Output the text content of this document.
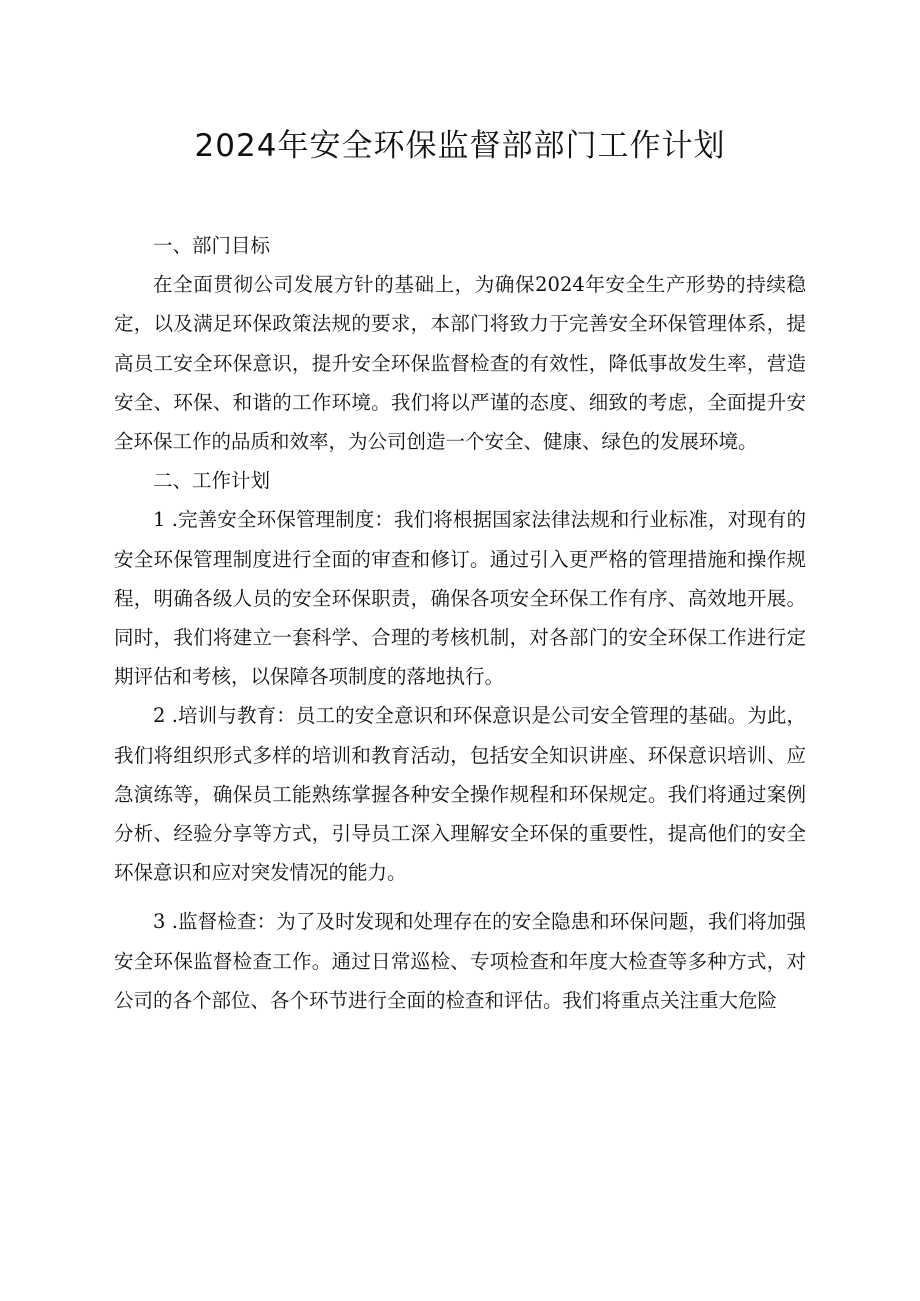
2024年安全环保监督部部门工作计划

一、部门目标

在全面贯彻公司发展方针的基础上，为确保2024年安全生产形势的持续稳定，以及满足环保政策法规的要求，本部门将致力于完善安全环保管理体系，提高员工安全环保意识，提升安全环保监督检查的有效性，降低事故发生率，营造安全、环保、和谐的工作环境。我们将以严谨的态度、细致的考虑，全面提升安全环保工作的品质和效率，为公司创造一个安全、健康、绿色的发展环境。

二、工作计划

1 .完善安全环保管理制度：我们将根据国家法律法规和行业标准，对现有的安全环保管理制度进行全面的审查和修订。通过引入更严格的管理措施和操作规程，明确各级人员的安全环保职责，确保各项安全环保工作有序、高效地开展。同时，我们将建立一套科学、合理的考核机制，对各部门的安全环保工作进行定期评估和考核，以保障各项制度的落地执行。

2 .培训与教育：员工的安全意识和环保意识是公司安全管理的基础。为此，我们将组织形式多样的培训和教育活动，包括安全知识讲座、环保意识培训、应急演练等，确保员工能熟练掌握各种安全操作规程和环保规定。我们将通过案例分析、经验分享等方式，引导员工深入理解安全环保的重要性，提高他们的安全环保意识和应对突发情况的能力。

3 .监督检查：为了及时发现和处理存在的安全隐患和环保问题，我们将加强安全环保监督检查工作。通过日常巡检、专项检查和年度大检查等多种方式，对公司的各个部位、各个环节进行全面的检查和评估。我们将重点关注重大危险
